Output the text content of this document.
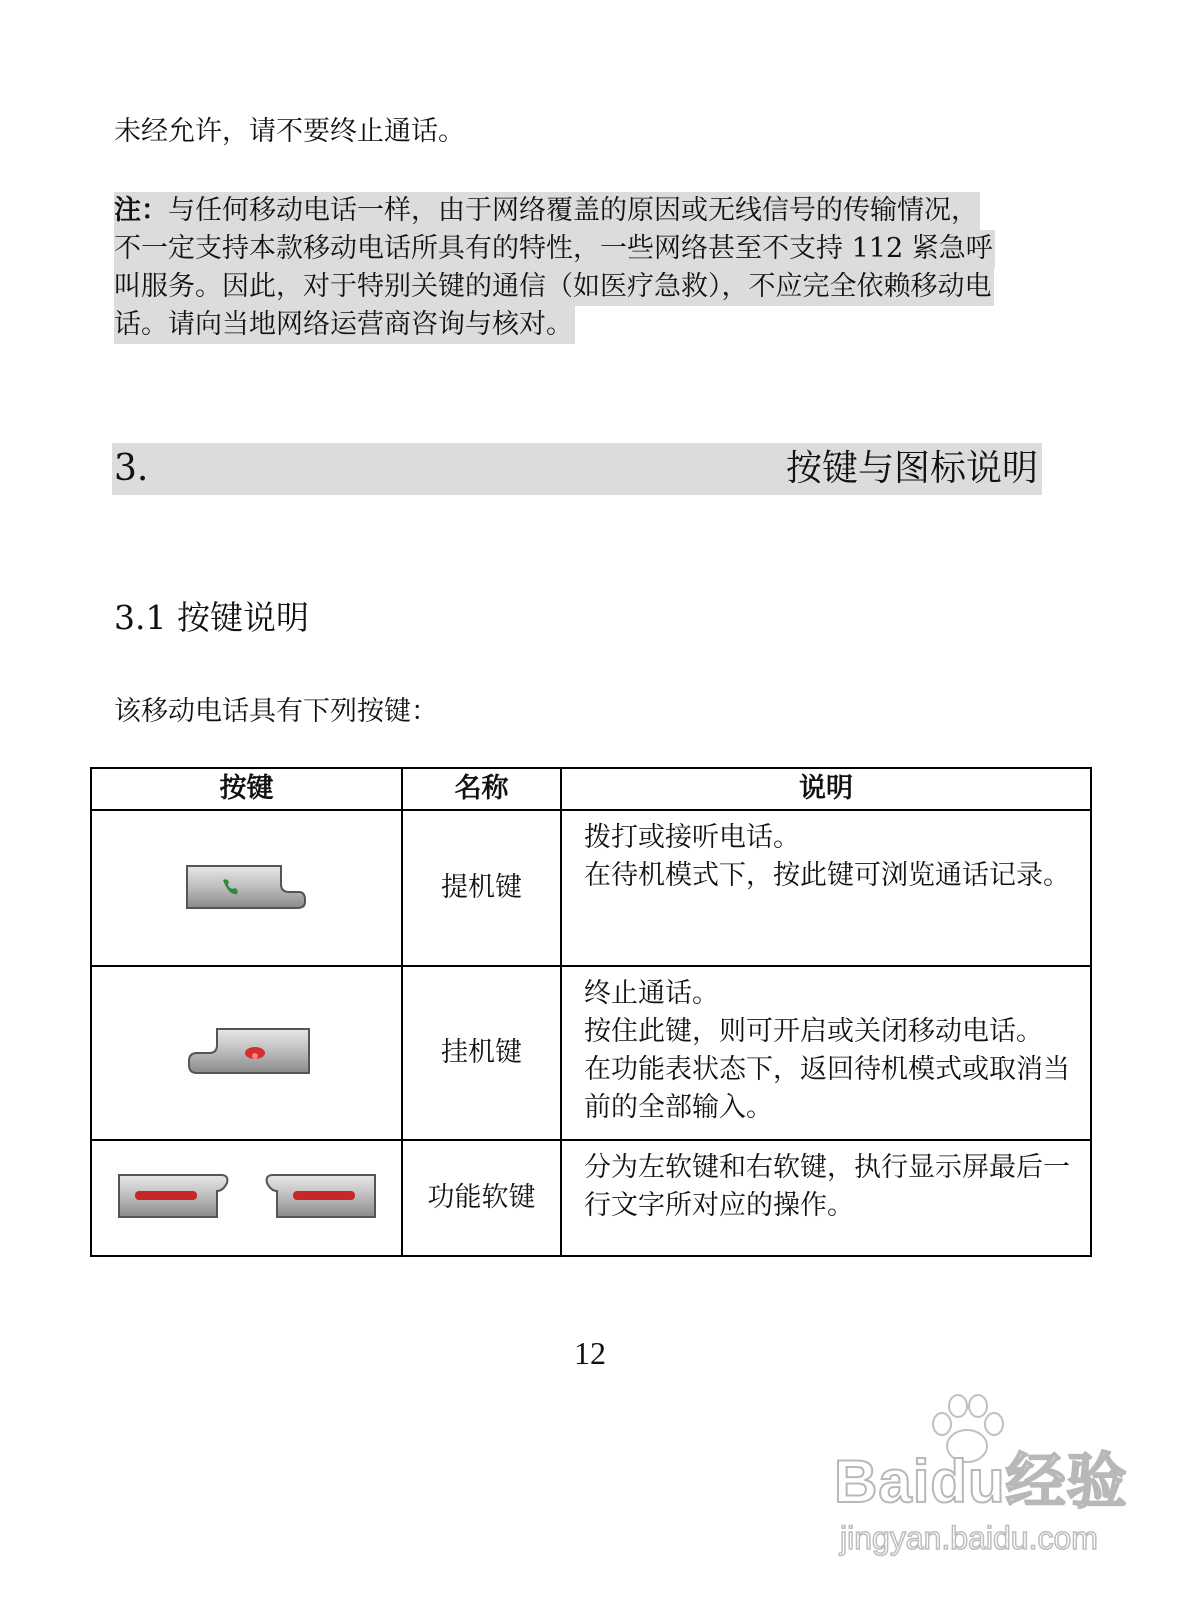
未经允许，请不要终止通话。
注：与任何移动电话一样，由于网络覆盖的原因或无线信号的传输情况，
不一定支持本款移动电话所具有的特性，一些网络甚至不支持 112 紧急呼
叫服务。因此，对于特别关键的通信（如医疗急救），不应完全依赖移动电
话。请向当地网络运营商咨询与核对。
3.	按键与图标说明
3.1 按键说明
该移动电话具有下列按键：
按键	名称	说明
	提机键	拨打或接听电话。
在待机模式下，按此键可浏览通话记录。

	挂机键	终止通话。
按住此键，则可开启或关闭移动电话。
在功能表状态下，返回待机模式或取消当前的全部输入。

	功能软键	分为左软键和右软键，执行显示屏最后一行文字所对应的操作。
12
Baidu经验
jingyan.baidu.com
